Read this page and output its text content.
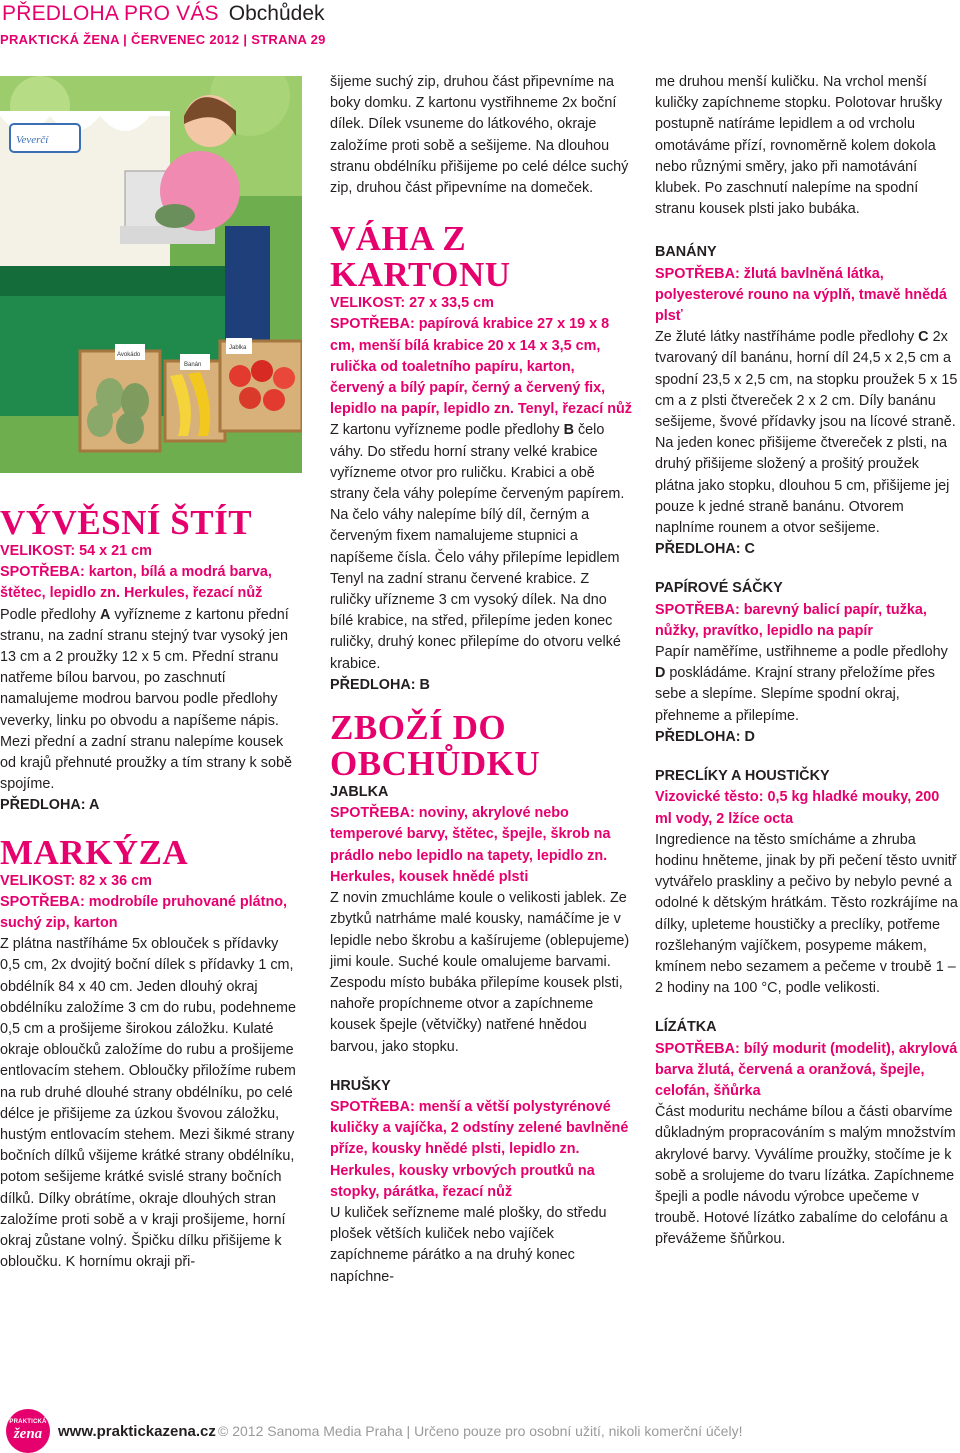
PŘEDLOHA PRO VÁS Obchůdek
PRAKTICKÁ ŽENA | ČERVENEC 2012 | STRANA 29
Veverčí
Avokádo
Banán
Jablka
VÝVĚSNÍ ŠTÍT

VELIKOST: 54 x 21 cm

SPOTŘEBA: karton, bílá a modrá barva, štětec, lepidlo zn. Herkules, řezací nůž

Podle předlohy A vyřízneme z kartonu přední stranu, na zadní stranu stejný tvar vysoký jen 13 cm a 2 proužky 12 x 5 cm. Přední stranu natřeme bílou barvou, po zaschnutí namalujeme modrou barvou podle předlohy veverky, linku po obvodu a napíšeme nápis. Mezi přední a zadní stranu nalepíme kousek od krajů přehnuté proužky a tím strany k sobě spojíme.

PŘEDLOHA: A

MARKÝZA

VELIKOST: 82 x 36 cm

SPOTŘEBA: modrobíle pruhované plátno, suchý zip, karton

Z plátna nastříháme 5x oblouček s přídavky 0,5 cm, 2x dvojitý boční dílek s přídavky 1 cm, obdélník 84 x 40 cm. Jeden dlouhý okraj obdélníku založíme 3 cm do rubu, podehneme 0,5 cm a prošijeme širokou záložku. Kulaté okraje obloučků založíme do rubu a prošijeme entlovacím stehem. Obloučky přiložíme rubem na rub druhé dlouhé strany obdélníku, po celé délce je přišijeme za úzkou švovou záložku, hustým entlovacím stehem. Mezi šikmé strany bočních dílků všijeme krátké strany obdélníku, potom sešijeme krátké svislé strany bočních dílků. Dílky obrátíme, okraje dlouhých stran založíme proti sobě a v kraji prošijeme, horní okraj zůstane volný. Špičku dílku přišijeme k obloučku. K hornímu okraji při-

šijeme suchý zip, druhou část připevníme na boky domku. Z kartonu vystřihneme 2x boční dílek. Dílek vsuneme do látkového, okraje založíme proti sobě a sešijeme. Na dlouhou stranu obdélníku přišijeme po celé délce suchý zip, druhou část připevníme na domeček.

VÁHA Z KARTONU

VELIKOST: 27 x 33,5 cm

SPOTŘEBA: papírová krabice 27 x 19 x 8 cm, menší bílá krabice 20 x 14 x 3,5 cm, rulička od toaletního papíru, karton, červený a bílý papír, černý a červený fix, lepidlo na papír, lepidlo zn. Tenyl, řezací nůž

Z kartonu vyřízneme podle předlohy B čelo váhy. Do středu horní strany velké krabice vyřízneme otvor pro ruličku. Krabici a obě strany čela váhy polepíme červeným papírem. Na čelo váhy nalepíme bílý díl, černým a červeným fixem namalujeme stupnici a napíšeme čísla. Čelo váhy přilepíme lepidlem Tenyl na zadní stranu červené krabice. Z ruličky uřízneme 3 cm vysoký dílek. Na dno bílé krabice, na střed, přilepíme jeden konec ruličky, druhý konec přilepíme do otvoru velké krabice.

PŘEDLOHA: B

ZBOŽÍ DO OBCHŮDKU

JABLKA

SPOTŘEBA: noviny, akrylové nebo temperové barvy, štětec, špejle, škrob na prádlo nebo lepidlo na tapety, lepidlo zn. Herkules, kousek hnědé plsti

Z novin zmuchláme koule o velikosti jablek. Ze zbytků natrháme malé kousky, namáčíme je v lepidle nebo škrobu a kašírujeme (oblepujeme) jimi koule. Suché koule omalujeme barvami. Zespodu místo bubáka přilepíme kousek plsti, nahoře propíchneme otvor a zapíchneme kousek špejle (větvičky) natřené hnědou barvou, jako stopku.

HRUŠKY

SPOTŘEBA: menší a větší polystyrénové kuličky a vajíčka, 2 odstíny zelené bavlněné příze, kousky hnědé plsti, lepidlo zn. Herkules, kousky vrbových proutků na stopky, párátka, řezací nůž

U kuliček seřízneme malé plošky, do středu plošek větších kuliček nebo vajíček zapíchneme párátko a na druhý konec napíchne-

me druhou menší kuličku. Na vrchol menší kuličky zapíchneme stopku. Polotovar hrušky postupně natíráme lepidlem a od vrcholu omotáváme přízí, rovnoměrně kolem dokola nebo různými směry, jako při namotávání klubek. Po zaschnutí nalepíme na spodní stranu kousek plsti jako bubáka.

BANÁNY

SPOTŘEBA: žlutá bavlněná látka, polyesterové rouno na výplň, tmavě hnědá plsť

Ze žluté látky nastříháme podle předlohy C 2x tvarovaný díl banánu, horní díl 24,5 x 2,5 cm a spodní 23,5 x 2,5 cm, na stopku proužek 5 x 15 cm a z plsti čtvereček 2 x 2 cm. Díly banánu sešijeme, švové přídavky jsou na lícové straně. Na jeden konec přišijeme čtvereček z plsti, na druhý přišijeme složený a prošitý proužek plátna jako stopku, dlouhou 5 cm, přišijeme jej pouze k jedné straně banánu. Otvorem naplníme rounem a otvor sešijeme.

PŘEDLOHA: C

PAPÍROVÉ SÁČKY

SPOTŘEBA: barevný balicí papír, tužka, nůžky, pravítko, lepidlo na papír

Papír naměříme, ustřihneme a podle předlohy D poskládáme. Krajní strany přeložíme přes sebe a slepíme. Slepíme spodní okraj, přehneme a přilepíme.

PŘEDLOHA: D

PRECLÍKY A HOUSTIČKY

Vizovické těsto: 0,5 kg hladké mouky, 200 ml vody, 2 lžíce octa

Ingredience na těsto smícháme a zhruba hodinu hněteme, jinak by při pečení těsto uvnitř vytvářelo praskliny a pečivo by nebylo pevné a odolné k dětským hrátkám. Těsto rozkrájíme na dílky, upleteme houstičky a preclíky, potřeme rozšlehaným vajíčkem, posypeme mákem, kmínem nebo sezamem a pečeme v troubě 1 – 2 hodiny na 100 °C, podle velikosti.

LÍZÁTKA

SPOTŘEBA: bílý modurit (modelit), akrylová barva žlutá, červená a oranžová, špejle, celofán, šňůrka

Část moduritu necháme bílou a části obarvíme důkladným propracováním s malým množstvím akrylové barvy. Vyválíme proužky, stočíme je k sobě a srolujeme do tvaru lízátka. Zapíchneme špejli a podle návodu výrobce upečeme v troubě. Hotové lízátko zabalíme do celofánu a převážeme šňůrkou.

PRAKTICKÁ
žena	www.praktickazena.cz © 2012 Sanoma Media Praha | Určeno pouze pro osobní užití, nikoli komerční účely!
